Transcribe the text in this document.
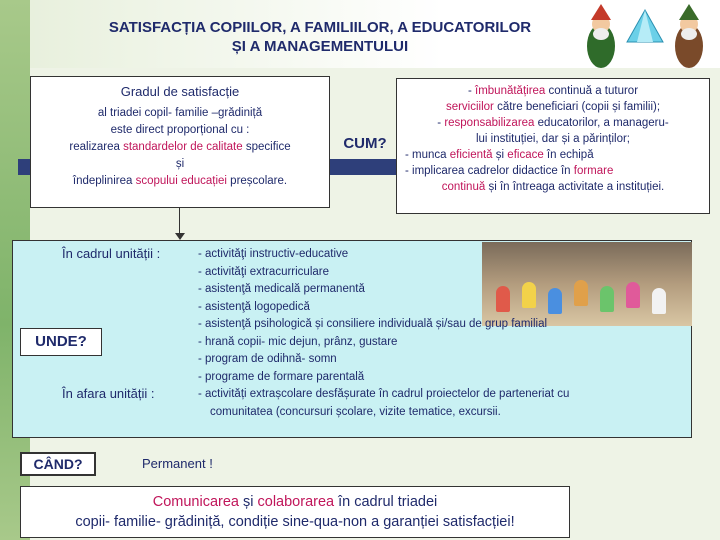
SATISFACȚIA COPIILOR, A FAMILIILOR, A EDUCATORILOR
ȘI A MANAGEMENTULUI
Gradul de satisfacție
al triadei copil- familie –grădiniță
este direct proporțional cu :
realizarea standardelor de calitate specifice
și
îndeplinirea scopului educației preșcolare.
CUM?
- îmbunătățirea continuă a tuturor
serviciilor către beneficiari (copii și familii);
- responsabilizarea educatorilor, a manageru-
lui instituției, dar și a părinților;
- munca eficientă și eficace în echipă
- implicarea cadrelor didactice în formare
continuă și în întreaga activitate a instituției.
În cadrul unității :
UNDE?
În afara unității :
- activităţi instructiv-educative
- activităţi extracurriculare
- asistenţă medicală permanentă
- asistenţă logopedică
- asistenţă psihologică și consiliere individuală și/sau de grup familial
- hrană copii- mic dejun, prânz, gustare
- program de odihnă- somn
- programe de formare parentală
- activități extrașcolare desfășurate în cadrul proiectelor de parteneriat cu
comunitatea (concursuri școlare, vizite tematice, excursii.
CÂND?	Permanent !
Comunicarea și colaborarea în cadrul triadei
copii- familie- grădiniță, condiție sine-qua-non a garanției satisfacției!
